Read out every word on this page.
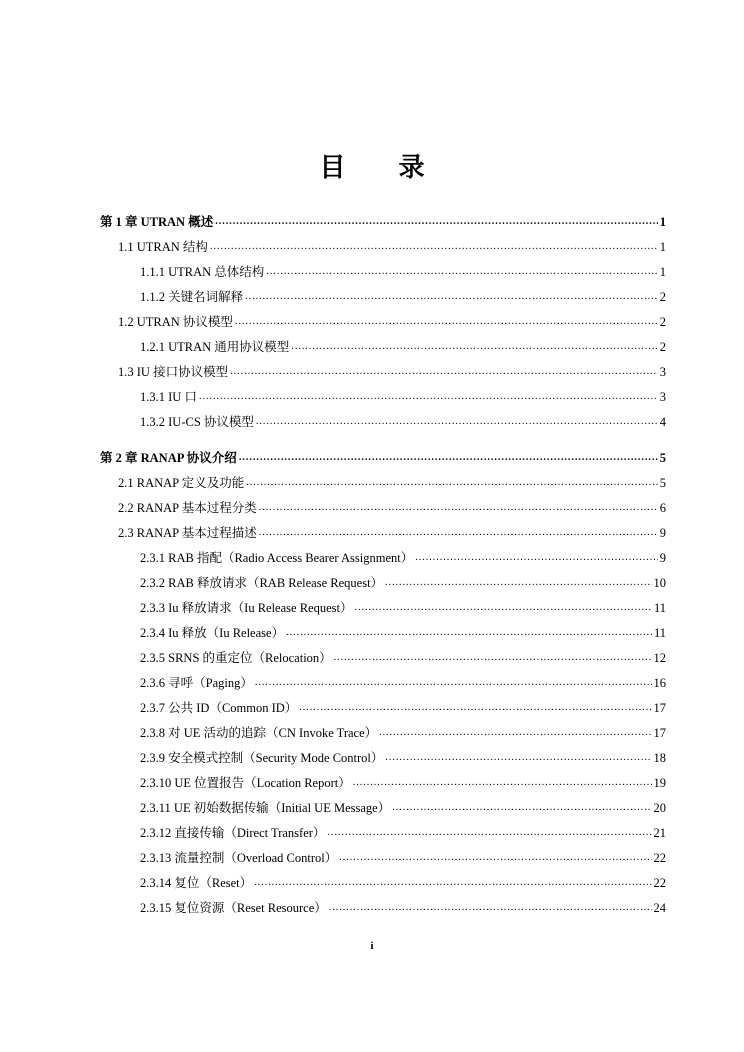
目 录
第 1 章 UTRAN 概述 .....	1
1.1 UTRAN 结构 .....	1
1.1.1 UTRAN 总体结构 .....	1
1.1.2 关键名词解释 .....	2
1.2 UTRAN 协议模型 .....	2
1.2.1 UTRAN 通用协议模型 .....	2
1.3 IU 接口协议模型 .....	3
1.3.1 IU 口 .....	3
1.3.2 IU-CS 协议模型 .....	4
第 2 章 RANAP 协议介绍 .....	5
2.1 RANAP 定义及功能 .....	5
2.2 RANAP 基本过程分类 .....	6
2.3 RANAP 基本过程描述 .....	9
2.3.1 RAB 指配（Radio Access Bearer Assignment） .....	9
2.3.2 RAB 释放请求（RAB Release Request） .....	10
2.3.3 Iu 释放请求（Iu Release Request） .....	11
2.3.4 Iu 释放（Iu Release） .....	11
2.3.5 SRNS 的重定位（Relocation） .....	12
2.3.6 寻呼（Paging） .....	16
2.3.7 公共 ID（Common ID） .....	17
2.3.8 对 UE 活动的追踪（CN Invoke Trace） .....	17
2.3.9 安全模式控制（Security Mode Control） .....	18
2.3.10 UE 位置报告（Location Report） .....	19
2.3.11 UE 初始数据传输（Initial UE Message） .....	20
2.3.12 直接传输（Direct Transfer） .....	21
2.3.13 流量控制（Overload Control） .....	22
2.3.14 复位（Reset） .....	22
2.3.15 复位资源（Reset Resource） .....	24
i
